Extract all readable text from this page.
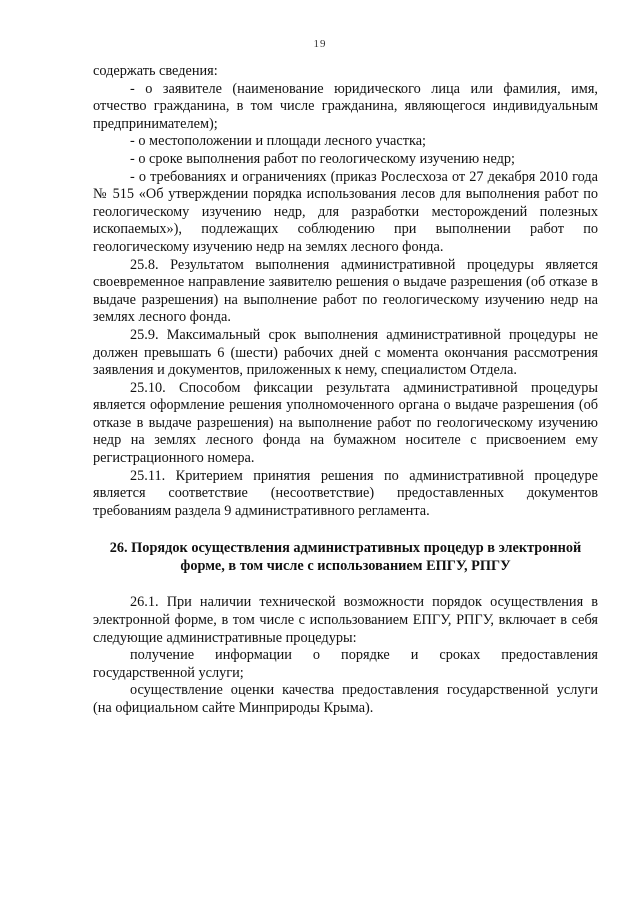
19

содержать сведения:

- о заявителе (наименование юридического лица или фамилия, имя, отчество гражданина, в том числе гражданина, являющегося индивидуальным предпринимателем);

- о местоположении и площади лесного участка;

- о сроке выполнения работ по геологическому изучению недр;

- о требованиях и ограничениях (приказ Рослесхоза от 27 декабря 2010 года № 515 «Об утверждении порядка использования лесов для выполнения работ по геологическому изучению недр, для разработки месторождений полезных ископаемых»), подлежащих соблюдению при выполнении работ по геологическому изучению недр на землях лесного фонда.

25.8. Результатом выполнения административной процедуры является своевременное направление заявителю решения о выдаче разрешения (об отказе в выдаче разрешения) на выполнение работ по геологическому изучению недр на землях лесного фонда.

25.9. Максимальный срок выполнения административной процедуры не должен превышать 6 (шести) рабочих дней с момента окончания рассмотрения заявления и документов, приложенных к нему, специалистом Отдела.

25.10. Способом фиксации результата административной процедуры является оформление решения уполномоченного органа о выдаче разрешения (об отказе в выдаче разрешения) на выполнение работ по геологическому изучению недр на землях лесного фонда на бумажном носителе с присвоением ему регистрационного номера.

25.11. Критерием принятия решения по административной процедуре является соответствие (несоответствие) предоставленных документов требованиям раздела 9 административного регламента.

26. Порядок осуществления административных процедур в электронной форме, в том числе с использованием ЕПГУ, РПГУ

26.1. При наличии технической возможности порядок осуществления в электронной форме, в том числе с использованием ЕПГУ, РПГУ, включает в себя следующие административные процедуры:

получение информации о порядке и сроках предоставления государственной услуги;

осуществление оценки качества предоставления государственной услуги (на официальном сайте Минприроды Крыма).
